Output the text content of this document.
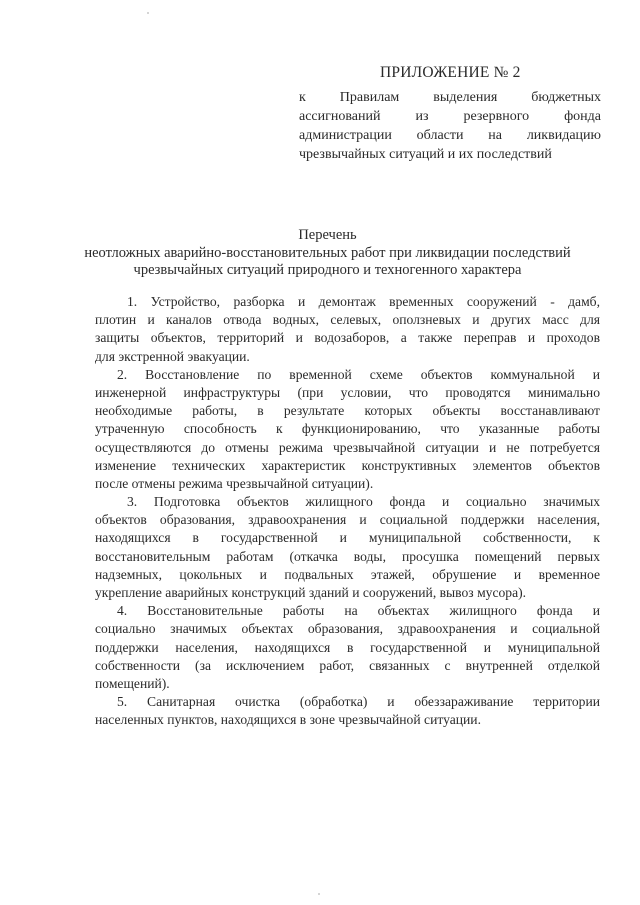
ПРИЛОЖЕНИЕ № 2
к Правилам выделения бюджетных
ассигнований из резервного фонда
администрации области на ликвидацию
чрезвычайных ситуаций и их последствий
Перечень
неотложных аварийно-восстановительных работ при ликвидации последствий
чрезвычайных ситуаций природного и техногенного характера
1. Устройство, разборка и демонтаж временных сооружений - дамб,
плотин и каналов отвода водных, селевых, оползневых и других масс для
защиты объектов, территорий и водозаборов, а также переправ и проходов
для экстренной эвакуации.
2. Восстановление по временной схеме объектов коммунальной и
инженерной инфраструктуры (при условии, что проводятся минимально
необходимые работы, в результате которых объекты восстанавливают
утраченную способность к функционированию, что указанные работы
осуществляются до отмены режима чрезвычайной ситуации и не потребуется
изменение технических характеристик конструктивных элементов объектов
после отмены режима чрезвычайной ситуации).
3. Подготовка объектов жилищного фонда и социально значимых
объектов образования, здравоохранения и социальной поддержки населения,
находящихся в государственной и муниципальной собственности, к
восстановительным работам (откачка воды, просушка помещений первых
надземных, цокольных и подвальных этажей, обрушение и временное
укрепление аварийных конструкций зданий и сооружений, вывоз мусора).
4. Восстановительные работы на объектах жилищного фонда и
социально значимых объектах образования, здравоохранения и социальной
поддержки населения, находящихся в государственной и муниципальной
собственности (за исключением работ, связанных с внутренней отделкой
помещений).
5. Санитарная очистка (обработка) и обеззараживание территории
населенных пунктов, находящихся в зоне чрезвычайной ситуации.
